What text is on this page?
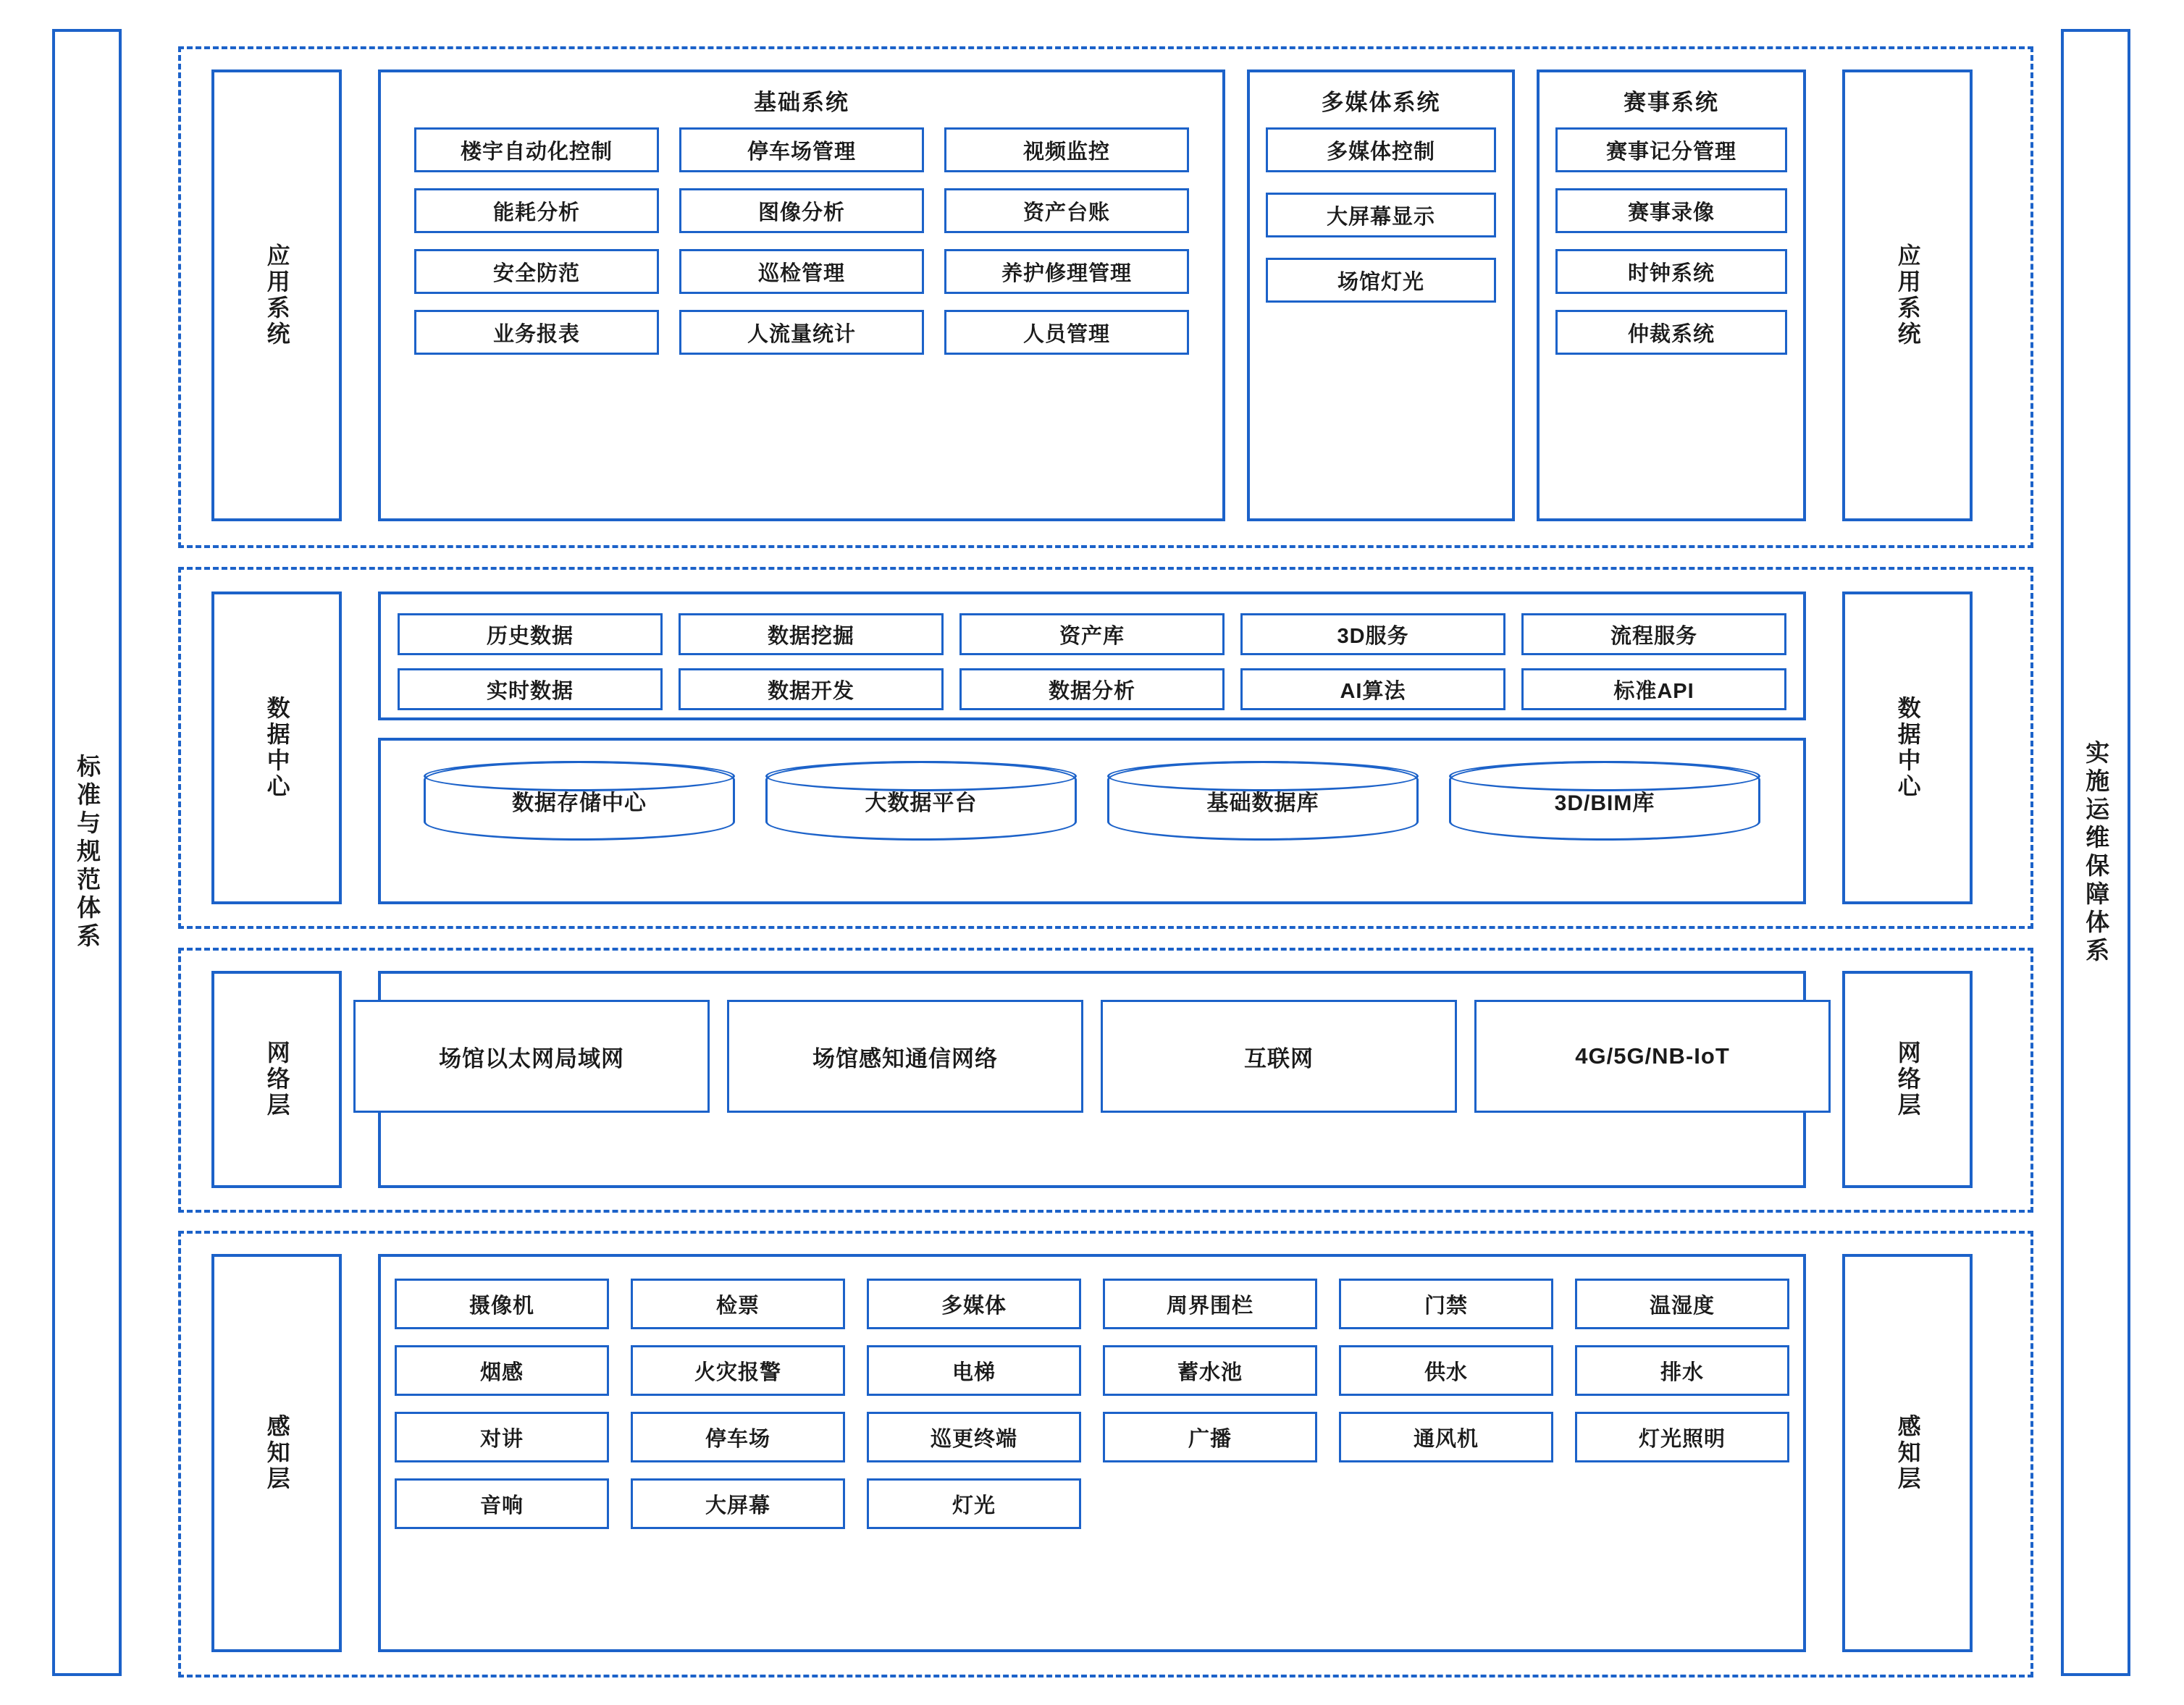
标准与规范体系	实施运维保障体系
应用系统	应用系统
基础系统
楼宇自动化控制	停车场管理	视频监控
能耗分析	图像分析	资产台账
安全防范	巡检管理	养护修理管理
业务报表	人流量统计	人员管理
多媒体系统
多媒体控制
大屏幕显示
场馆灯光
赛事系统
赛事记分管理
赛事录像
时钟系统
仲裁系统
数据中心	数据中心
历史数据	数据挖掘	资产库	3D服务	流程服务
实时数据	数据开发	数据分析	AI算法	标准API
数据存储中心	大数据平台	基础数据库	3D/BIM库
网络层	网络层
场馆以太网局域网	场馆感知通信网络	互联网	4G/5G/NB-IoT
感知层	感知层
摄像机	检票	多媒体	周界围栏	门禁	温湿度
烟感	火灾报警	电梯	蓄水池	供水	排水
对讲	停车场	巡更终端	广播	通风机	灯光照明
音响	大屏幕	灯光
